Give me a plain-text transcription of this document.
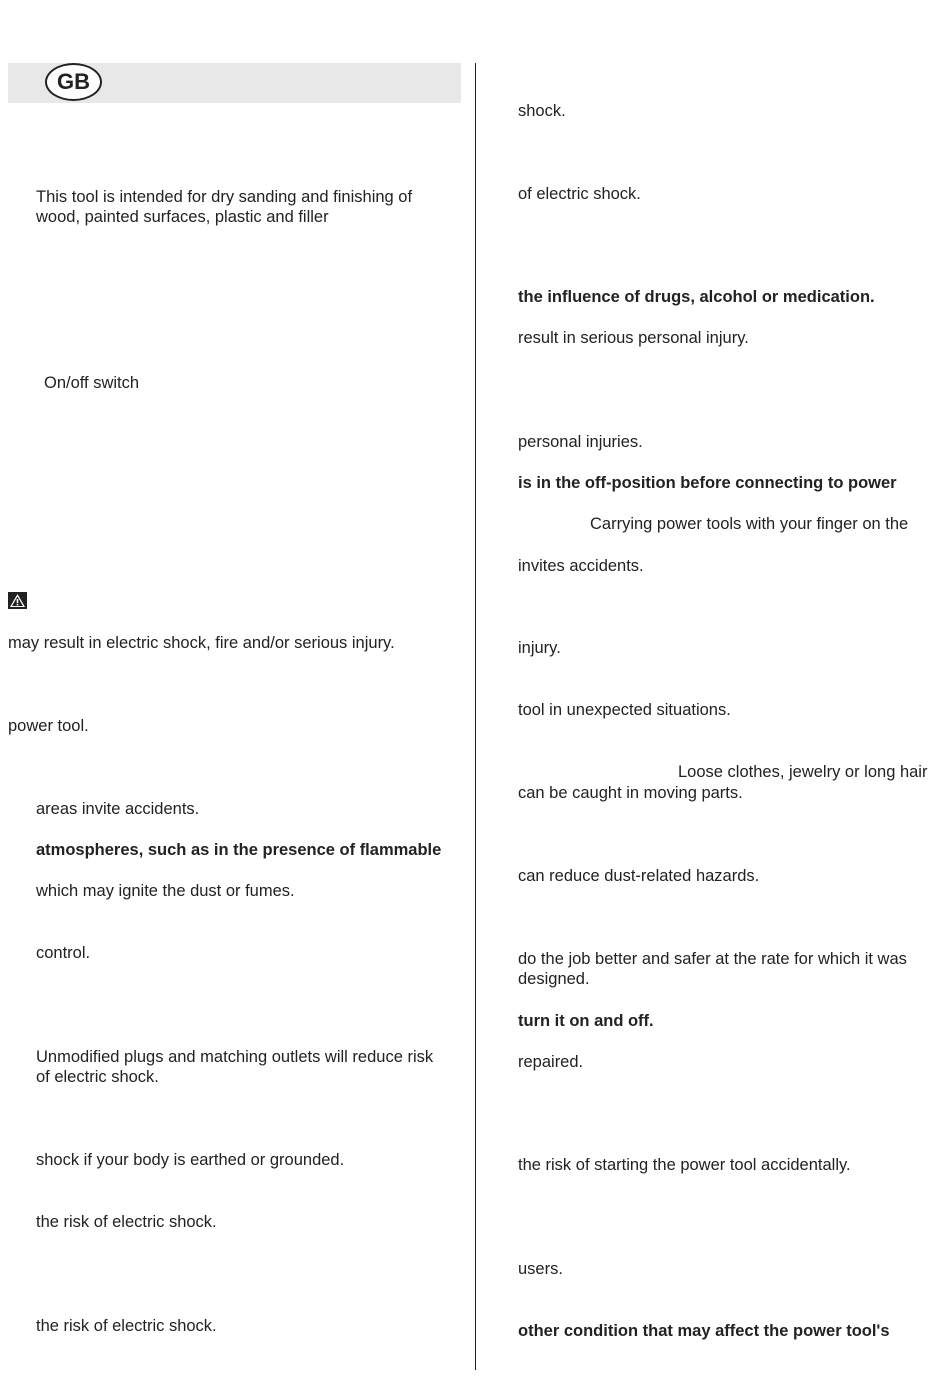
GB
This tool is intended for dry sanding and finishing of
wood, painted surfaces, plastic and filler
On/off switch
may result in electric shock, fire and/or serious injury.
power tool.
areas invite accidents.
atmospheres, such as in the presence of flammable
which may ignite the dust or fumes.
control.
Unmodified plugs and matching outlets will reduce risk
of electric shock.
shock if your body is earthed or grounded.
the risk of electric shock.
the risk of electric shock.
shock.
of electric shock.
the influence of drugs, alcohol or medication.
result in serious personal injury.
personal injuries.
is in the off-position before connecting to power
Carrying power tools with your finger on the
invites accidents.
injury.
tool in unexpected situations.
Loose clothes, jewelry or long hair
can be caught in moving parts.
can reduce dust-related hazards.
do the job better and safer at the rate for which it was
designed.
turn it on and off.
repaired.
the risk of starting the power tool accidentally.
users.
other condition that may affect the power tool's
